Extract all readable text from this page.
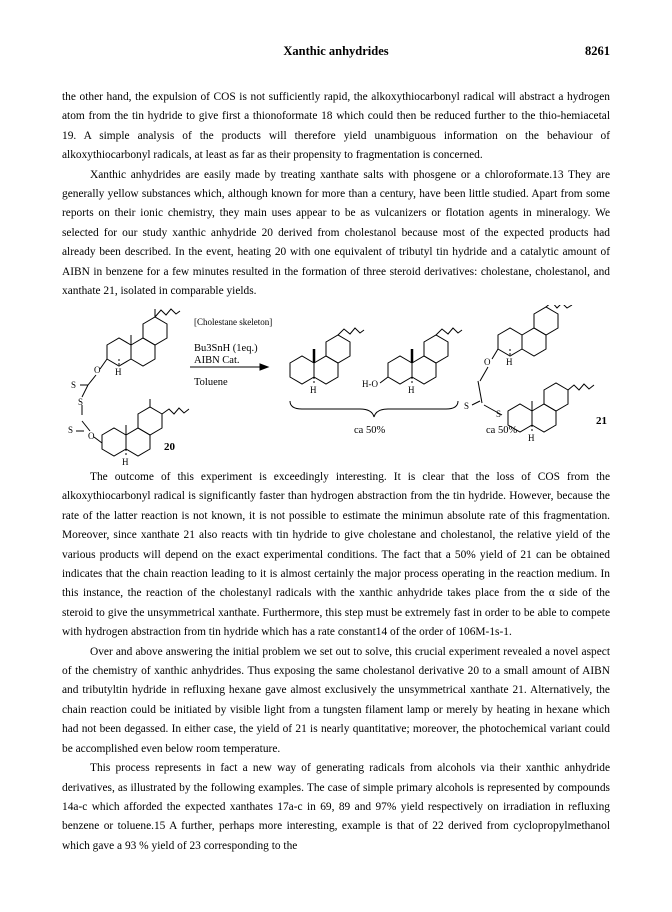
Xanthic anhydrides	8261

the other hand, the expulsion of COS is not sufficiently rapid, the alkoxythiocarbonyl radical will abstract a hydrogen atom from the tin hydride to give first a thionoformate 18 which could then be reduced further to the thio-hemiacetal 19. A simple analysis of the products will therefore yield unambiguous information on the behaviour of alkoxythiocarbonyl radicals, at least as far as their propensity to fragmentation is concerned.

Xanthic anhydrides are easily made by treating xanthate salts with phosgene or a chloroformate.13 They are generally yellow substances which, although known for more than a century, have been little studied. Apart from some reports on their ionic chemistry, they main uses appear to be as vulcanizers or flotation agents in mineralogy. We selected for our study xanthic anhydride 20 derived from cholestanol because most of the expected products had already been described. In the event, heating 20 with one equivalent of tributyl tin hydride and a catalytic amount of AIBN in benzene for a few minutes resulted in the formation of three steroid derivatives: cholestane, cholestanol, and xanthate 21, isolated in comparable yields.

[Cholestane skeleton]
Bu3SnH (1eq.)
AIBN Cat.
Toluene
O
S
S
S
O
H
H
20
H
H-O
H
ca 50%
O
S
S
H
H
21
ca 50%

The outcome of this experiment is exceedingly interesting. It is clear that the loss of COS from the alkoxythiocarbonyl radical is significantly faster than hydrogen abstraction from the tin hydride. However, because the rate of the latter reaction is not known, it is not possible to estimate the minimun absolute rate of this fragmentation. Moreover, since xanthate 21 also reacts with tin hydride to give cholestane and cholestanol, the relative yield of the various products will depend on the exact experimental conditions. The fact that a 50% yield of 21 can be obtained indicates that the chain reaction leading to it is almost certainly the major process operating in the reaction medium. In this instance, the reaction of the cholestanyl radicals with the xanthic anhydride takes place from the α side of the steroid to give the unsymmetrical xanthate. Furthermore, this step must be extremely fast in order to be able to compete with hydrogen abstraction from tin hydride which has a rate constant14 of the order of 106M-1s-1.

Over and above answering the initial problem we set out to solve, this crucial experiment revealed a novel aspect of the chemistry of xanthic anhydrides. Thus exposing the same cholestanol derivative 20 to a small amount of AIBN and tributyltin hydride in refluxing hexane gave almost exclusively the unsymmetrical xanthate 21. Alternatively, the chain reaction could be initiated by visible light from a tungsten filament lamp or merely by heating in hexane which had not been degassed. In either case, the yield of 21 is nearly quantitative; moreover, the photochemical variant could be accomplished even below room temperature.

This process represents in fact a new way of generating radicals from alcohols via their xanthic anhydride derivatives, as illustrated by the following examples. The case of simple primary alcohols is represented by compounds 14a-c which afforded the expected xanthates 17a-c in 69, 89 and 97% yield respectively on irradiation in refluxing benzene or toluene.15 A further, perhaps more interesting, example is that of 22 derived from cyclopropylmethanol which gave a 93 % yield of 23 corresponding to the
